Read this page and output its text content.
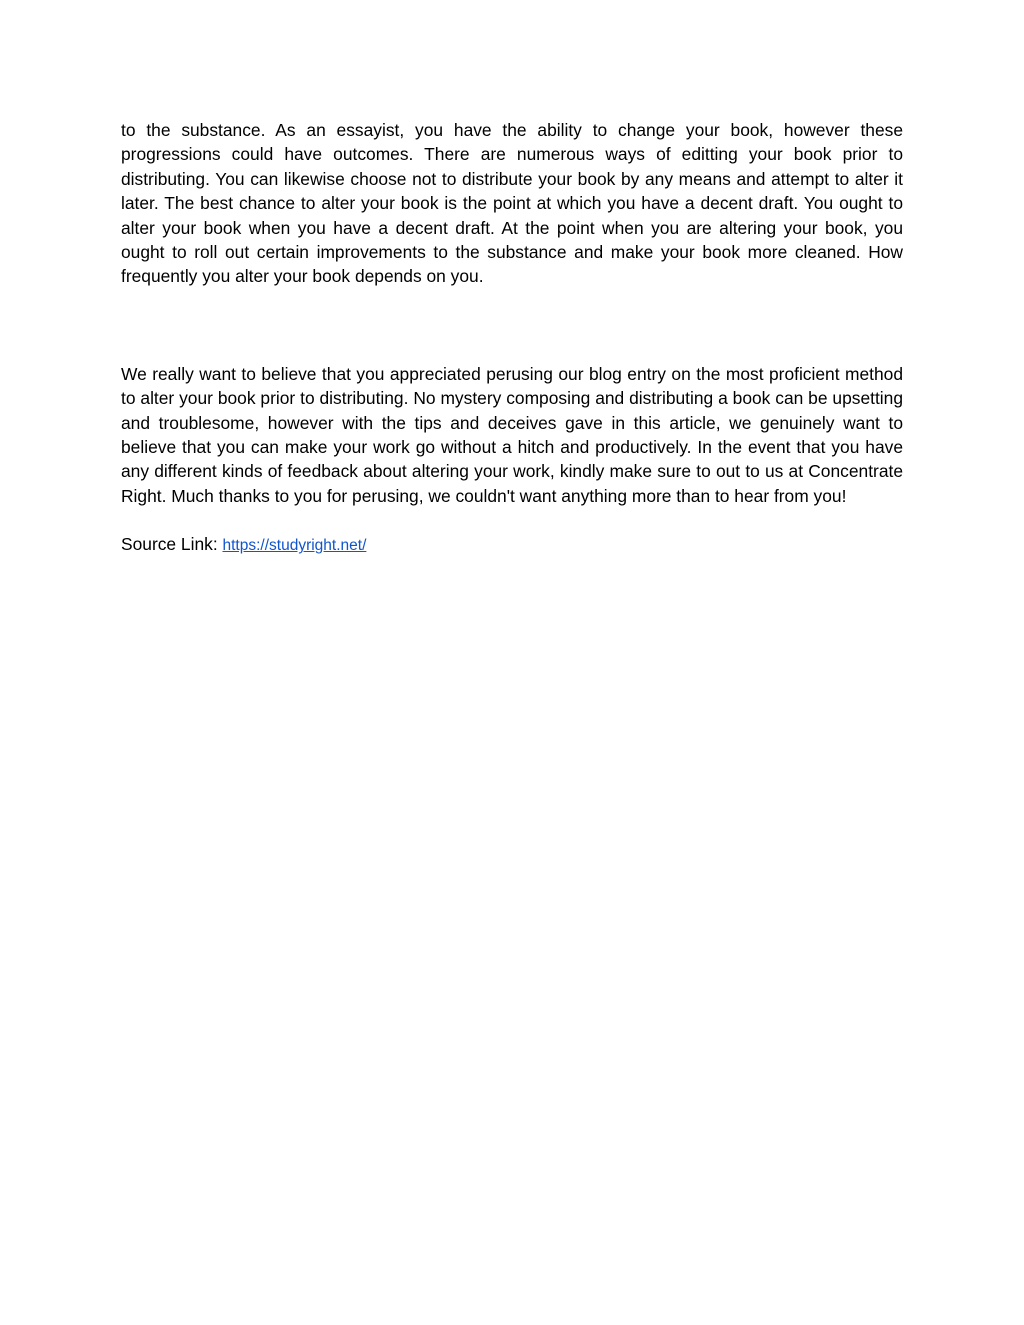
to the substance. As an essayist, you have the ability to change your book, however these progressions could have outcomes. There are numerous ways of editting your book prior to distributing. You can likewise choose not to distribute your book by any means and attempt to alter it later. The best chance to alter your book is the point at which you have a decent draft. You ought to alter your book when you have a decent draft. At the point when you are altering your book, you ought to roll out certain improvements to the substance and make your book more cleaned. How frequently you alter your book depends on you.

We really want to believe that you appreciated perusing our blog entry on the most proficient method to alter your book prior to distributing. No mystery composing and distributing a book can be upsetting and troublesome, however with the tips and deceives gave in this article, we genuinely want to believe that you can make your work go without a hitch and productively. In the event that you have any different kinds of feedback about altering your work, kindly make sure to out to us at Concentrate Right. Much thanks to you for perusing, we couldn't want anything more than to hear from you!

Source Link: https://studyright.net/
